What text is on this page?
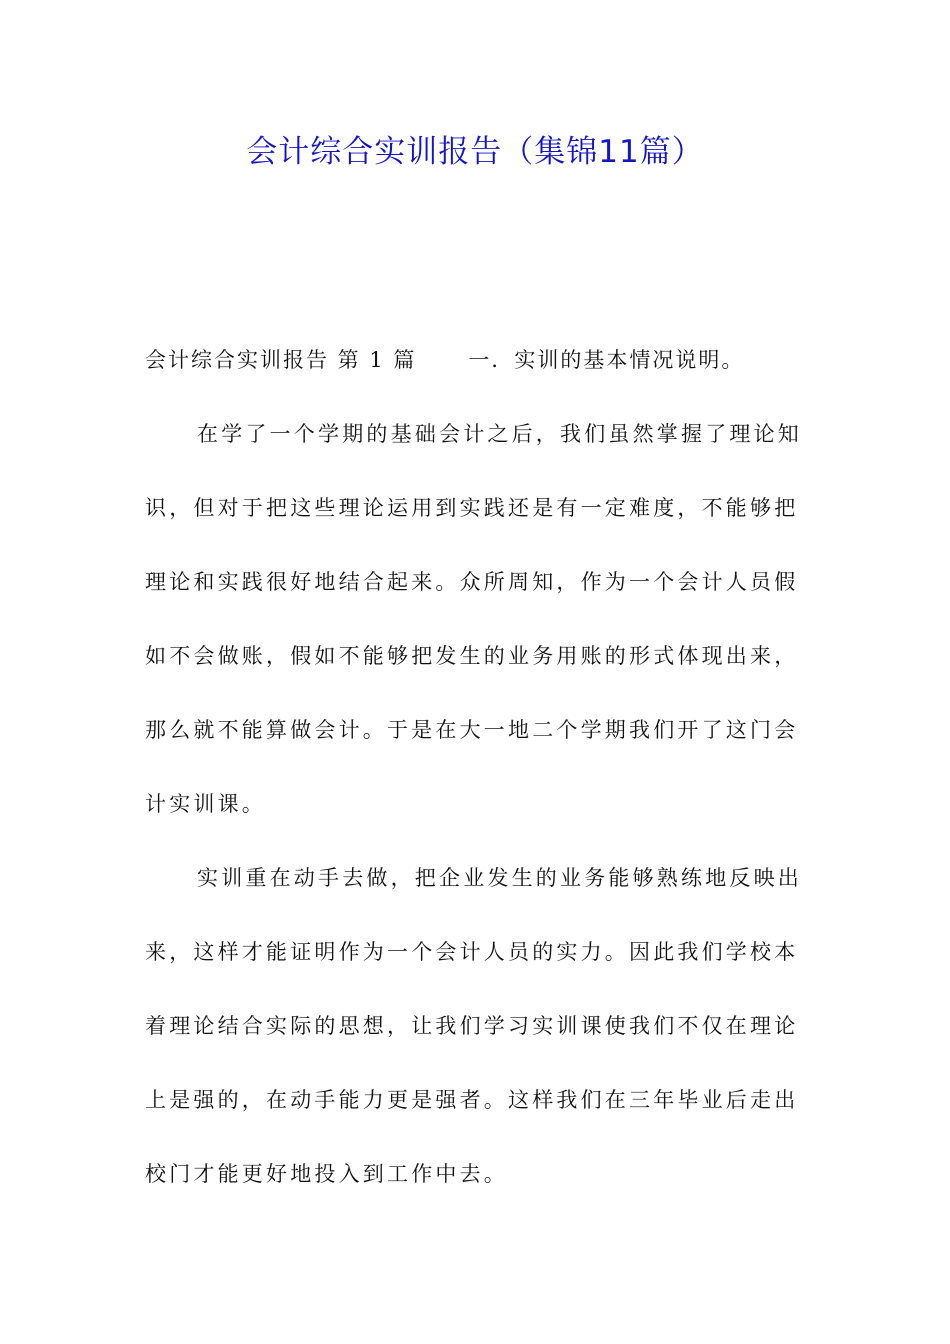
会计综合实训报告（集锦11篇）
会计综合实训报告 第 1 篇 一．实训的基本情况说明。
在学了一个学期的基础会计之后，我们虽然掌握了理论知
识，但对于把这些理论运用到实践还是有一定难度，不能够把
理论和实践很好地结合起来。众所周知，作为一个会计人员假
如不会做账，假如不能够把发生的业务用账的形式体现出来，
那么就不能算做会计。于是在大一地二个学期我们开了这门会
计实训课。
实训重在动手去做，把企业发生的业务能够熟练地反映出
来，这样才能证明作为一个会计人员的实力。因此我们学校本
着理论结合实际的思想，让我们学习实训课使我们不仅在理论
上是强的，在动手能力更是强者。这样我们在三年毕业后走出
校门才能更好地投入到工作中去。
